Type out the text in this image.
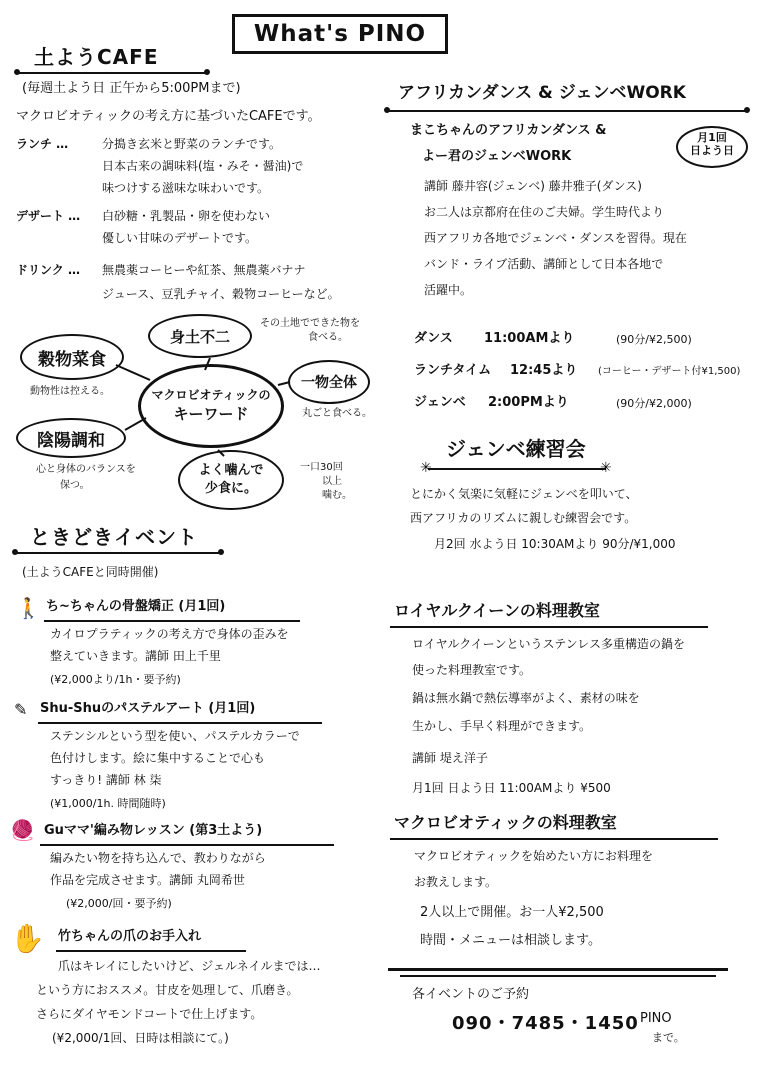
What's PINO
土ようCAFE
(毎週土よう日 正午から5:00PMまで)
マクロビオティックの考え方に基づいたCAFEです。
ランチ …	分搗き玄米と野菜のランチです。
日本古来の調味料(塩・みそ・醤油)で
味つけする滋味な味わいです。
デザート … 白砂糖・乳製品・卵を使わない
優しい甘味のデザートです。
ドリンク … 無農薬コーヒーや紅茶、無農薬バナナ
ジュース、豆乳チャイ、穀物コーヒーなど。
マクロビオティックの
キーワード
身土不二
その土地でできた物を
食べる。
穀物菜食
動物性は控える。
一物全体
丸ごと食べる。
陰陽調和
心と身体のバランスを
保つ。
よく噛んで
少食に。
一口30回
以上
噛む。
ときどきイベント
(土ようCAFEと同時開催)
🚶 ち~ちゃんの骨盤矯正 (月1回)
カイロプラティックの考え方で身体の歪みを
整えていきます。講師 田上千里
(¥2,000より/1h・要予約)
✎ Shu-Shuのパステルアート (月1回)
ステンシルという型を使い、パステルカラーで
色付けします。絵に集中することで心も
すっきり! 講師 林 柒
(¥1,000/1h. 時間随時)
🧶 Guママ'編み物レッスン (第3土よう)
編みたい物を持ち込んで、教わりながら
作品を完成させます。講師 丸岡希世
(¥2,000/回・要予約)
✋ 竹ちゃんの爪のお手入れ
爪はキレイにしたいけど、ジェルネイルまでは…
という方におススメ。甘皮を処理して、爪磨き。
さらにダイヤモンドコートで仕上げます。
(¥2,000/1回、日時は相談にて。)
アフリカンダンス & ジェンベWORK
まこちゃんのアフリカンダンス &
よー君のジェンベWORK
月1回
日よう日
講師 藤井容(ジェンベ) 藤井雅子(ダンス)
お二人は京都府在住のご夫婦。学生時代より
西アフリカ各地でジェンベ・ダンスを習得。現在
バンド・ライブ活動、講師として日本各地で
活躍中。
ダンス 11:00AMより	(90分/¥2,500)
ランチタイム 12:45より (コーヒー・デザート付¥1,500)
ジェンベ 2:00PMより	(90分/¥2,000)
ジェンベ練習会
✳	✳
とにかく気楽に気軽にジェンベを叩いて、
西アフリカのリズムに親しむ練習会です。
月2回 水よう日 10:30AMより 90分/¥1,000
ロイヤルクイーンの料理教室
ロイヤルクイーンというステンレス多重構造の鍋を
使った料理教室です。
鍋は無水鍋で熱伝導率がよく、素材の味を
生かし、手早く料理ができます。
講師 堤え洋子
月1回 日よう日 11:00AMより ¥500
マクロビオティックの料理教室
マクロビオティックを始めたい方にお料理を
お教えします。
2人以上で開催。お一人¥2,500
時間・メニューは相談します。
各イベントのご予約
090・7485・1450 PINO
まで。
